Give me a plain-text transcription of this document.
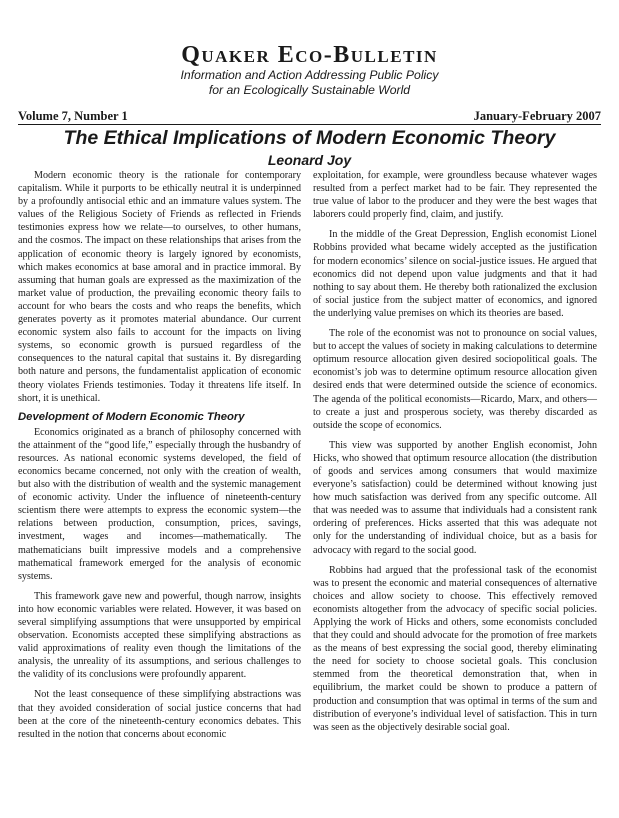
Quaker Eco-Bulletin
Information and Action Addressing Public Policy
for an Ecologically Sustainable World
Volume 7, Number 1	January-February 2007
The Ethical Implications of Modern Economic Theory
Leonard Joy

Modern economic theory is the rationale for contemporary capitalism. While it purports to be ethically neutral it is underpinned by a profoundly antisocial ethic and an immature values system. The values of the Religious Society of Friends as reflected in Friends testimonies express how we relate—to ourselves, to other humans, and the cosmos. The impact on these relationships that arises from the application of economic theory is largely ignored by economists, which makes economics at base amoral and in practice immoral. By assuming that human goals are expressed as the maximization of the market value of production, the prevailing economic theory fails to account for who bears the costs and who reaps the benefits, which generates poverty as it promotes material abundance. Our current economic system also fails to account for the impacts on living systems, so economic growth is pursued regardless of the consequences to the natural capital that sustains it. By disregarding both nature and persons, the fundamentalist application of economic theory violates Friends testimonies. Today it threatens life itself. In short, it is unethical.

Development of Modern Economic Theory

Economics originated as a branch of philosophy concerned with the attainment of the “good life,” especially through the husbandry of resources. As national economic systems developed, the field of economics became concerned, not only with the creation of wealth, but also with the distribution of wealth and the systemic management of economic activity. Under the influence of nineteenth-century scientism there were attempts to express the economic system—the relations between production, consumption, prices, savings, investment, wages and incomes—mathematically. The mathematicians built impressive models and a comprehensive mathematical framework emerged for the analysis of economic systems.

This framework gave new and powerful, though narrow, insights into how economic variables were related. However, it was based on several simplifying assumptions that were unsupported by empirical observation. Economists accepted these simplifying abstractions as valid approximations of reality even though the limitations of the analysis, the unreality of its assumptions, and serious challenges to the validity of its conclusions were profoundly apparent.

Not the least consequence of these simplifying abstractions was that they avoided consideration of social justice concerns that had been at the core of the nineteenth-century economics debates. This resulted in the notion that concerns about economic

exploitation, for example, were groundless because whatever wages resulted from a perfect market had to be fair. They represented the true value of labor to the producer and they were the best wages that laborers could properly find, claim, and justify.

In the middle of the Great Depression, English economist Lionel Robbins provided what became widely accepted as the justification for modern economics’ silence on social-justice issues. He argued that economics did not depend upon value judgments and that it had nothing to say about them. He thereby both rationalized the exclusion of social justice from the subject matter of economics, and ignored the underlying value premises on which its theories are based.

The role of the economist was not to pronounce on social values, but to accept the values of society in making calculations to determine optimum resource allocation given desired sociopolitical goals. The economist’s job was to determine optimum resource allocation given desired ends that were determined outside the science of economics. The agenda of the political economists—Ricardo, Marx, and others—to create a just and prosperous society, was thereby discarded as outside the scope of economics.

This view was supported by another English economist, John Hicks, who showed that optimum resource allocation (the distribution of goods and services among consumers that would maximize everyone’s satisfaction) could be determined without knowing just how much satisfaction was derived from any specific outcome. All that was needed was to assume that individuals had a consistent rank ordering of preferences. Hicks asserted that this was adequate not only for the understanding of individual choice, but as a basis for advocacy with regard to the social good.

Robbins had argued that the professional task of the economist was to present the economic and material consequences of alternative choices and allow society to choose. This effectively removed economists altogether from the advocacy of specific social policies. Applying the work of Hicks and others, some economists concluded that they could and should advocate for the promotion of free markets as the means of best expressing the social good, thereby eliminating the need for society to choose societal goals. This conclusion stemmed from the theoretical demonstration that, when in equilibrium, the market could be shown to produce a pattern of production and consumption that was optimal in terms of the sum and distribution of everyone’s individual level of satisfaction. This in turn was seen as the objectively desirable social goal.
